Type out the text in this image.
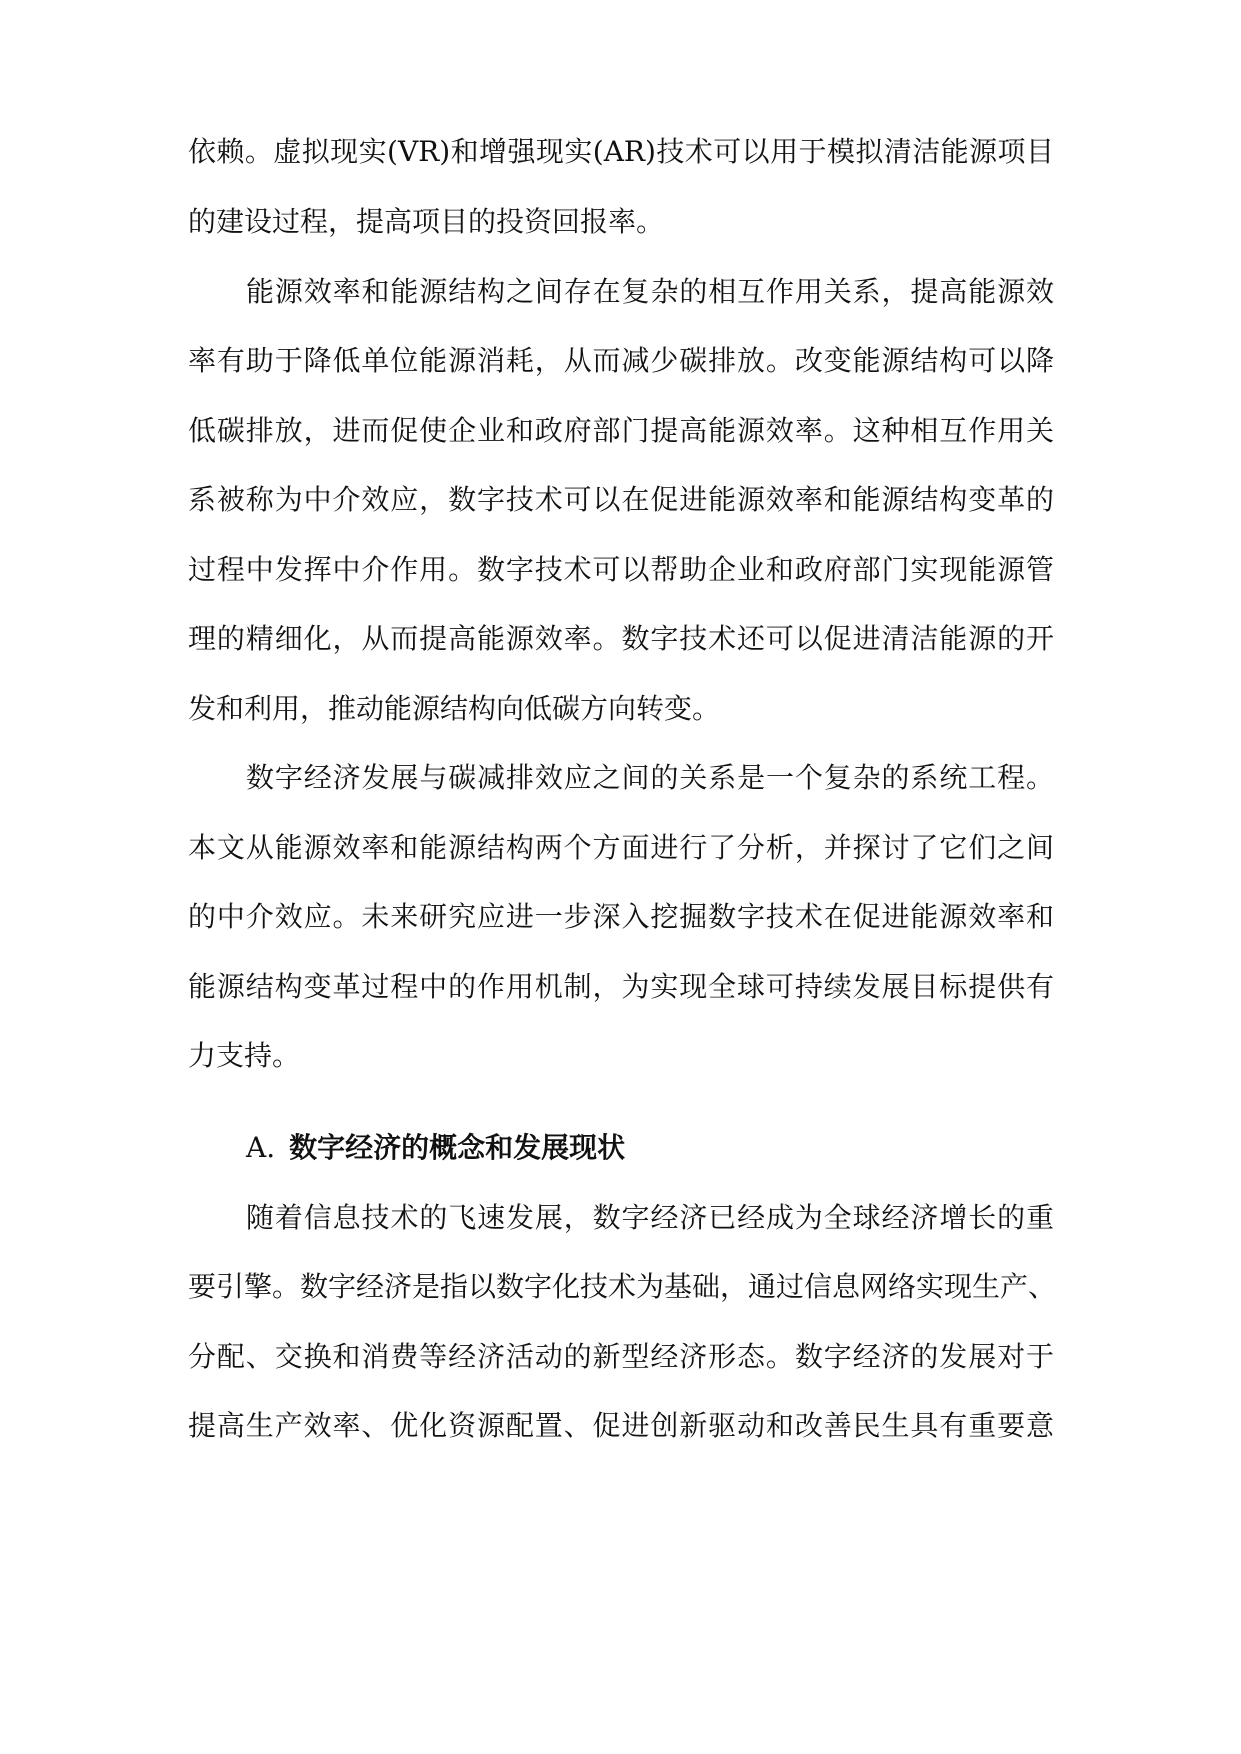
依赖。虚拟现实(VR)和增强现实(AR)技术可以用于模拟清洁能源项目

的建设过程，提高项目的投资回报率。

能源效率和能源结构之间存在复杂的相互作用关系，提高能源效

率有助于降低单位能源消耗，从而减少碳排放。改变能源结构可以降

低碳排放，进而促使企业和政府部门提高能源效率。这种相互作用关

系被称为中介效应，数字技术可以在促进能源效率和能源结构变革的

过程中发挥中介作用。数字技术可以帮助企业和政府部门实现能源管

理的精细化，从而提高能源效率。数字技术还可以促进清洁能源的开

发和利用，推动能源结构向低碳方向转变。

数字经济发展与碳减排效应之间的关系是一个复杂的系统工程。

本文从能源效率和能源结构两个方面进行了分析，并探讨了它们之间

的中介效应。未来研究应进一步深入挖掘数字技术在促进能源效率和

能源结构变革过程中的作用机制，为实现全球可持续发展目标提供有

力支持。

A. 数字经济的概念和发展现状

随着信息技术的飞速发展，数字经济已经成为全球经济增长的重

要引擎。数字经济是指以数字化技术为基础，通过信息网络实现生产、

分配、交换和消费等经济活动的新型经济形态。数字经济的发展对于

提高生产效率、优化资源配置、促进创新驱动和改善民生具有重要意
